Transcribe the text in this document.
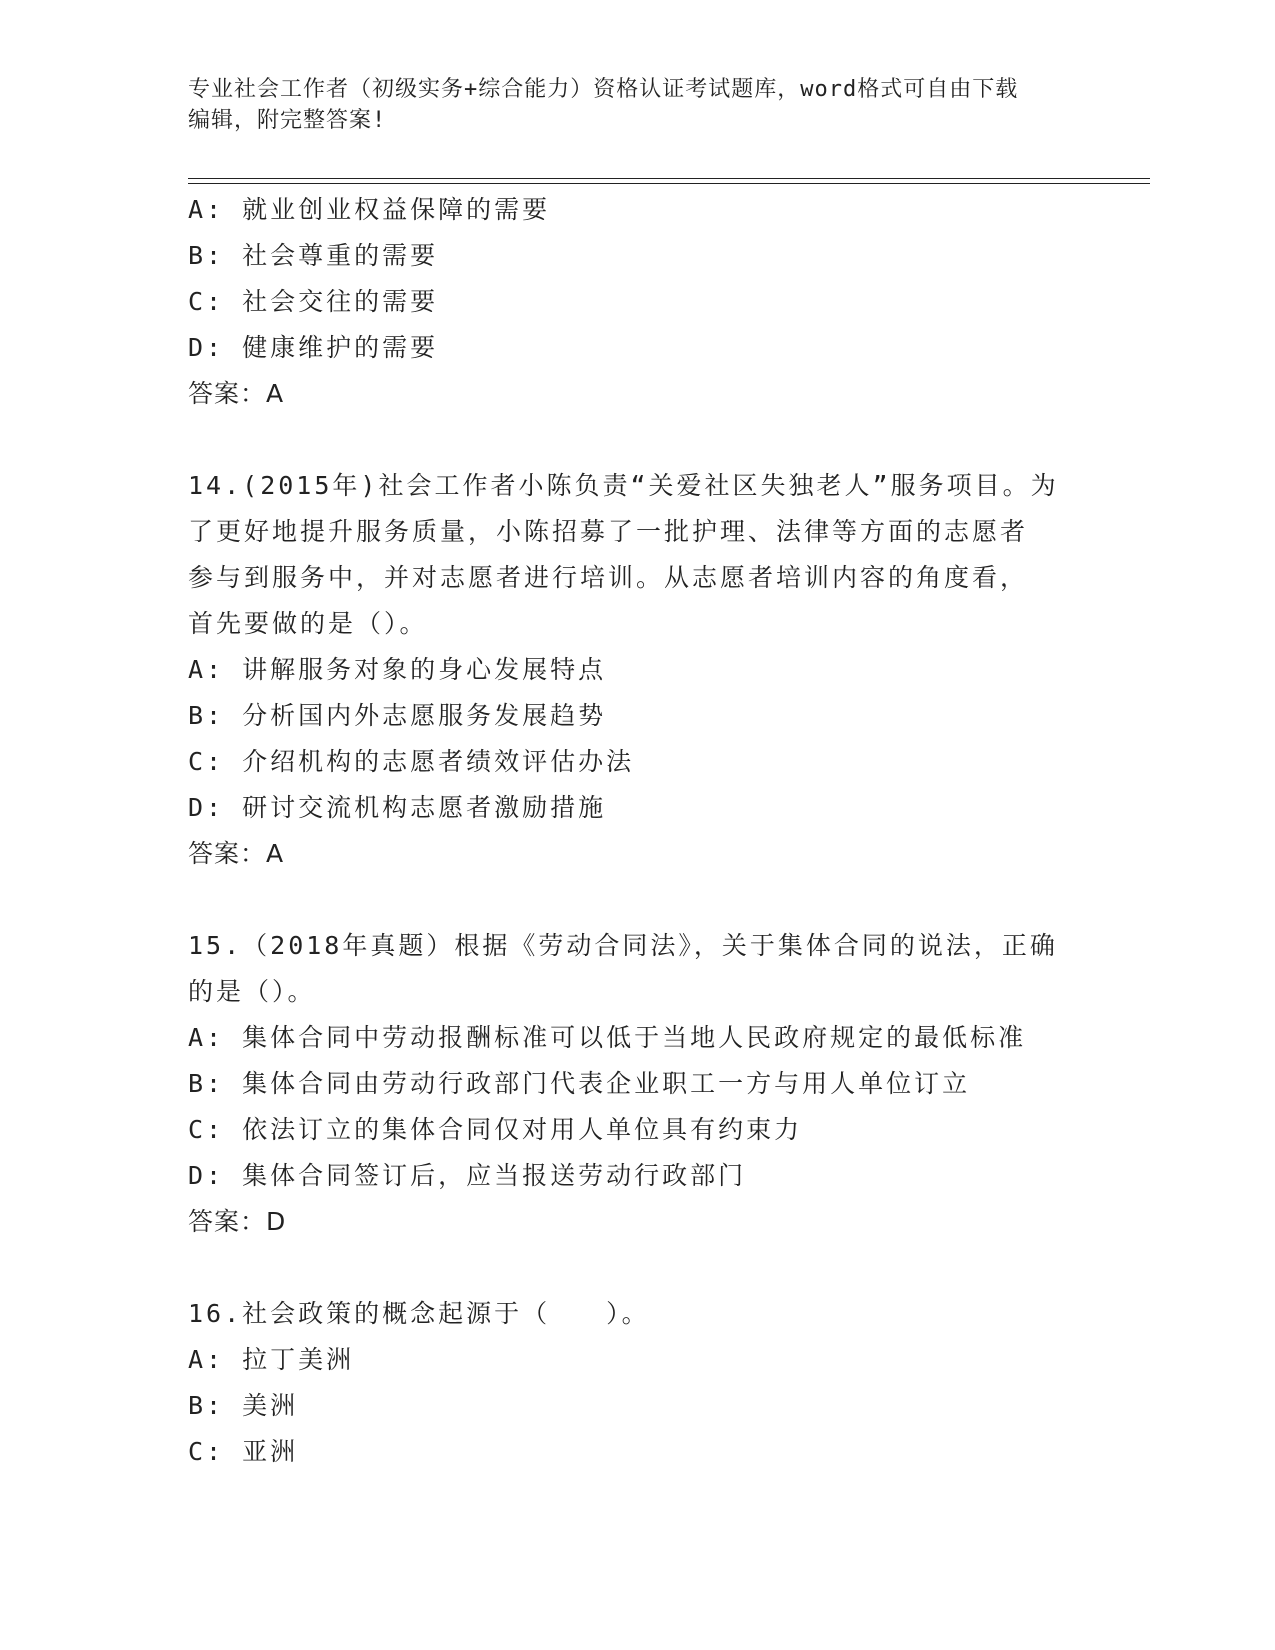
专业社会工作者（初级实务+综合能力）资格认证考试题库，word格式可自由下载
编辑，附完整答案!
A: 就业创业权益保障的需要
B: 社会尊重的需要
C: 社会交往的需要
D: 健康维护的需要
答案：A
14.(2015年)社会工作者小陈负责“关爱社区失独老人”服务项目。为
了更好地提升服务质量，小陈招募了一批护理、法律等方面的志愿者
参与到服务中，并对志愿者进行培训。从志愿者培训内容的角度看，
首先要做的是（）。
A: 讲解服务对象的身心发展特点
B: 分析国内外志愿服务发展趋势
C: 介绍机构的志愿者绩效评估办法
D: 研讨交流机构志愿者激励措施
答案：A
15.（2018年真题）根据《劳动合同法》，关于集体合同的说法，正确
的是（）。
A: 集体合同中劳动报酬标准可以低于当地人民政府规定的最低标准
B: 集体合同由劳动行政部门代表企业职工一方与用人单位订立
C: 依法订立的集体合同仅对用人单位具有约束力
D: 集体合同签订后，应当报送劳动行政部门
答案：D
16.社会政策的概念起源于（　　）。
A: 拉丁美洲
B: 美洲
C: 亚洲
